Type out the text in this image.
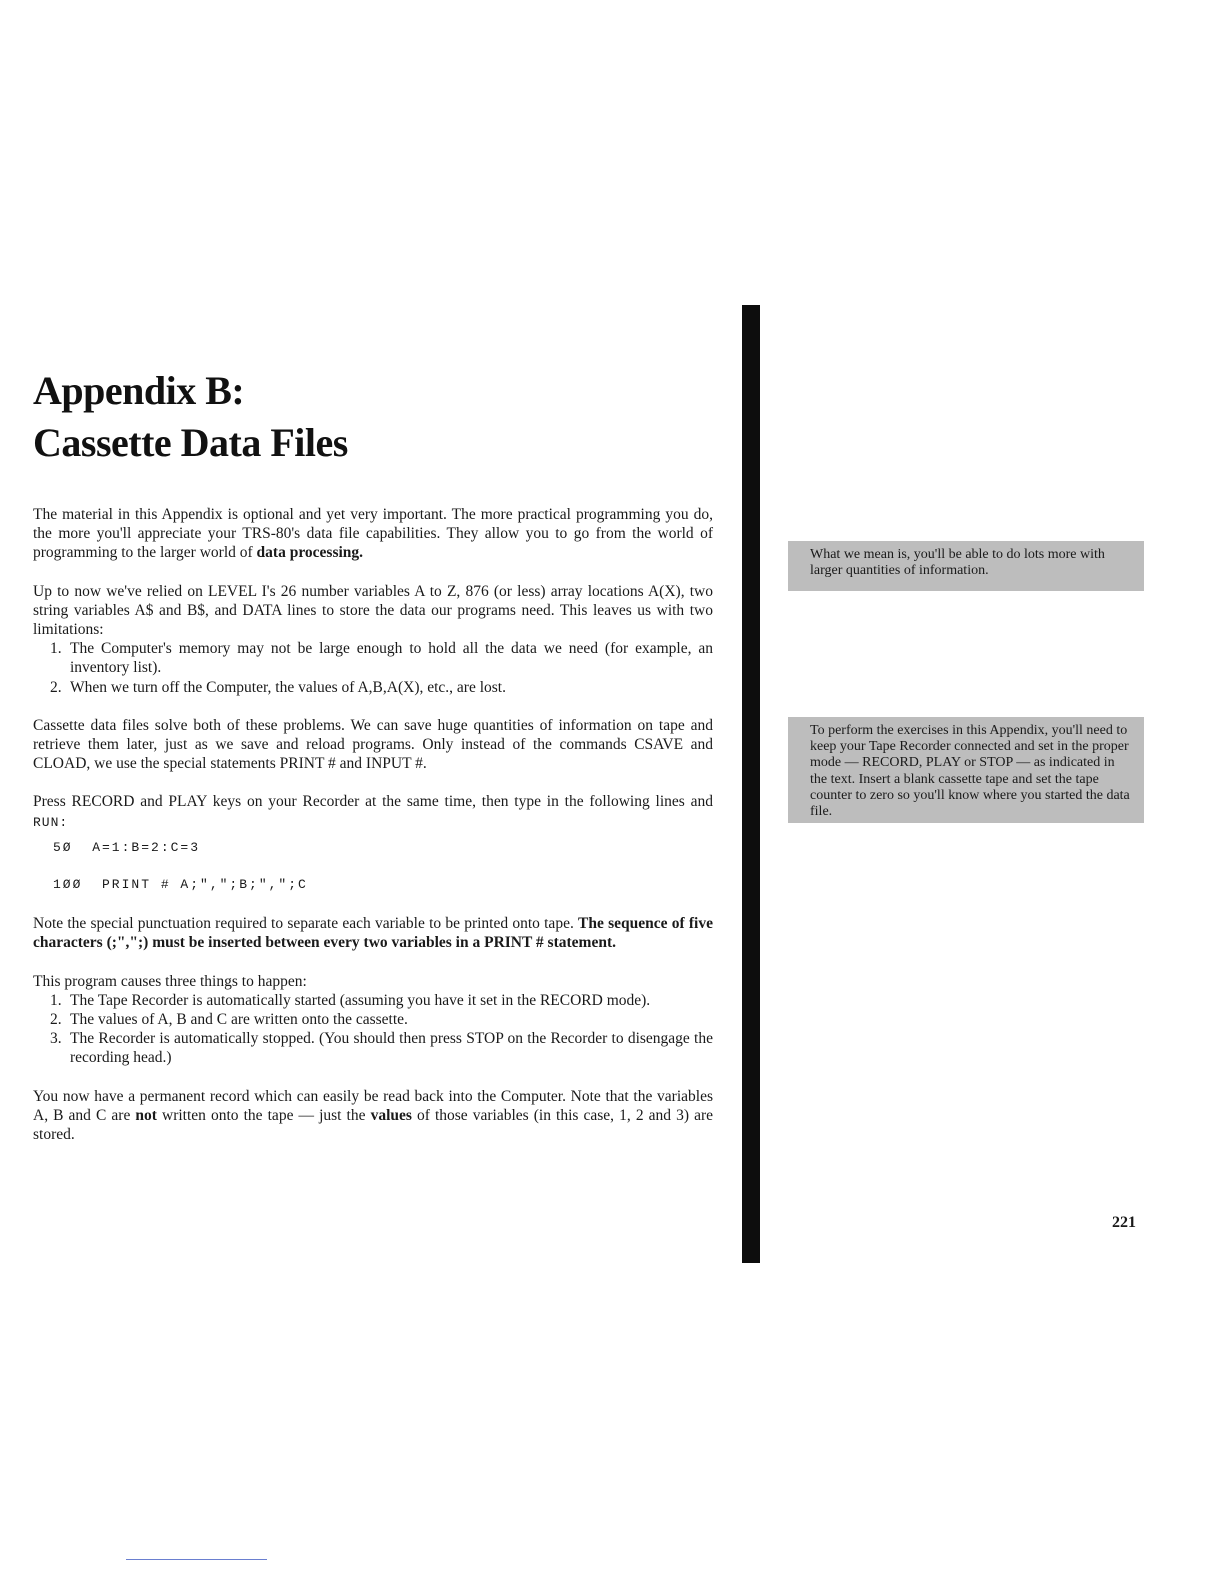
Appendix B:
Cassette Data Files

The material in this Appendix is optional and yet very important. The more practical programming you do, the more you'll appreciate your TRS-80's data file capabilities. They allow you to go from the world of programming to the larger world of data processing.

Up to now we've relied on LEVEL I's 26 number variables A to Z, 876 (or less) array locations A(X), two string variables A$ and B$, and DATA lines to store the data our programs need. This leaves us with two limitations:

1. The Computer's memory may not be large enough to hold all the data we need (for example, an inventory list).
2. When we turn off the Computer, the values of A,B,A(X), etc., are lost.

Cassette data files solve both of these problems. We can save huge quantities of information on tape and retrieve them later, just as we save and reload programs. Only instead of the commands CSAVE and CLOAD, we use the special statements PRINT # and INPUT #.

Press RECORD and PLAY keys on your Recorder at the same time, then type in the following lines and RUN:

5Ø  A=1:B=2:C=3

1ØØ  PRINT # A;",";B;",";C

Note the special punctuation required to separate each variable to be printed onto tape. The sequence of five characters (;",";) must be inserted between every two variables in a PRINT # statement.

This program causes three things to happen:

1. The Tape Recorder is automatically started (assuming you have it set in the RECORD mode).
2. The values of A, B and C are written onto the cassette.
3. The Recorder is automatically stopped. (You should then press STOP on the Recorder to disengage the recording head.)

You now have a permanent record which can easily be read back into the Computer. Note that the variables A, B and C are not written onto the tape — just the values of those variables (in this case, 1, 2 and 3) are stored.

What we mean is, you'll be able to do lots more with larger quantities of information.
To perform the exercises in this Appendix, you'll need to keep your Tape Recorder connected and set in the proper mode — RECORD, PLAY or STOP — as indicated in the text. Insert a blank cassette tape and set the tape counter to zero so you'll know where you started the data file.
221
